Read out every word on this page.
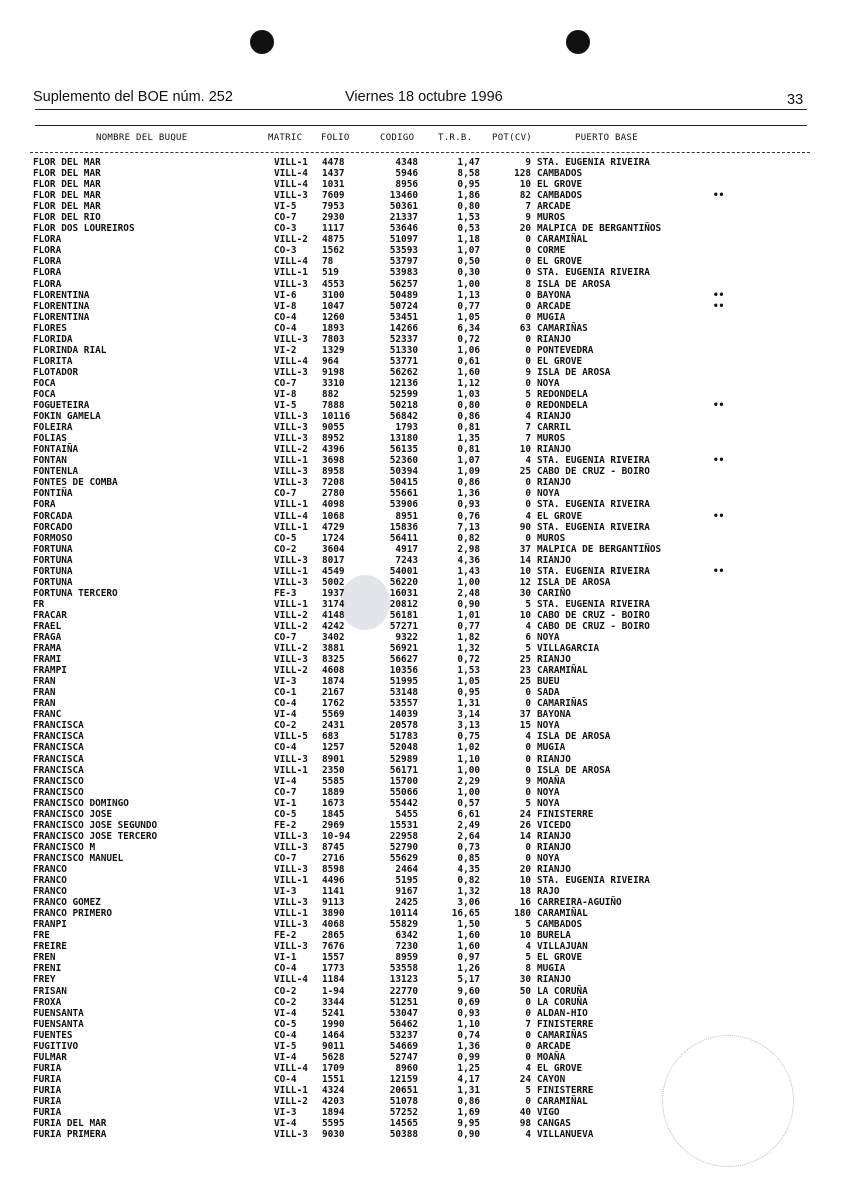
Suplemento del BOE núm. 252	Viernes 18 octubre 1996	33
NOMBRE DEL BUQUE	MATRIC FOLIO	CODIGO	T.R.B. POT(CV)	PUERTO BASE
FLOR DEL MAR	VILL-1 4478	4348	1,47	9 STA. EUGENIA RIVEIRA
FLOR DEL MAR	VILL-4 1437	5946	8,58	128 CAMBADOS
FLOR DEL MAR	VILL-4 1031	8956	0,95	10 EL GROVE
FLOR DEL MAR	VILL-3 7609	13460	1,86	82 CAMBADOS	••
FLOR DEL MAR	VI-5	7953	50361	0,80	7 ARCADE
FLOR DEL RIO	CO-7	2930	21337	1,53	9 MUROS
FLOR DOS LOUREIROS	CO-3	1117	53646	0,53	20 MALPICA DE BERGANTIÑOS
FLORA	VILL-2 4875	51097	1,18	0 CARAMIÑAL
FLORA	CO-3	1562	53593	1,07	0 CORME
FLORA	VILL-4 78	53797	0,50	0 EL GROVE
FLORA	VILL-1 519	53983	0,30	0 STA. EUGENIA RIVEIRA
FLORA	VILL-3 4553	56257	1,00	8 ISLA DE AROSA
FLORENTINA	VI-6	3100	50489	1,13	0 BAYONA	••
FLORENTINA	VI-8	1047	50724	0,77	0 ARCADE	••
FLORENTINA	CO-4	1260	53451	1,05	0 MUGIA
FLORES	CO-4	1893	14266	6,34	63 CAMARIÑAS
FLORIDA	VILL-3 7803	52337	0,72	0 RIANJO
FLORINDA RIAL	VI-2	1329	51330	1,06	0 PONTEVEDRA
FLORITA	VILL-4 964	53771	0,61	0 EL GROVE
FLOTADOR	VILL-3 9198	56262	1,60	9 ISLA DE AROSA
FOCA	CO-7	3310	12136	1,12	0 NOYA
FOCA	VI-8	882	52599	1,03	5 REDONDELA
FOGUETEIRA	VI-5	7888	50218	0,80	0 REDONDELA	••
FOKIN GAMELA	VILL-3 10116	56842	0,86	4 RIANJO
FOLEIRA	VILL-3 9055	1793	0,81	7 CARRIL
FOLIAS	VILL-3 8952	13180	1,35	7 MUROS
FONTAIÑA	VILL-2 4396	56135	0,81	10 RIANJO
FONTAN	VILL-1 3698	52360	1,07	4 STA. EUGENIA RIVEIRA	••
FONTENLA	VILL-3 8958	50394	1,09	25 CABO DE CRUZ - BOIRO
FONTES DE COMBA	VILL-3 7208	50415	0,86	0 RIANJO
FONTIÑA	CO-7	2780	55661	1,36	0 NOYA
FORA	VILL-1 4098	53906	0,93	0 STA. EUGENIA RIVEIRA
FORCADA	VILL-4 1068	8951	0,76	4 EL GROVE	••
FORCADO	VILL-1 4729	15836	7,13	90 STA. EUGENIA RIVEIRA
FORMOSO	CO-5	1724	56411	0,82	0 MUROS
FORTUNA	CO-2	3604	4917	2,98	37 MALPICA DE BERGANTIÑOS
FORTUNA	VILL-3 8017	7243	4,36	14 RIANJO
FORTUNA	VILL-1 4549	54001	1,43	10 STA. EUGENIA RIVEIRA	••
FORTUNA	VILL-3 5002	56220	1,00	12 ISLA DE AROSA
FORTUNA TERCERO	FE-3	1937	16031	2,48	30 CARIÑO
FR	VILL-1 3174	20812	0,90	5 STA. EUGENIA RIVEIRA
FRACAR	VILL-2 4148	56181	1,01	10 CABO DE CRUZ - BOIRO
FRAEL	VILL-2 4242	57271	0,77	4 CABO DE CRUZ - BOIRO
FRAGA	CO-7	3402	9322	1,82	6 NOYA
FRAMA	VILL-2 3881	56921	1,32	5 VILLAGARCIA
FRAMI	VILL-3 8325	56627	0,72	25 RIANJO
FRAMPI	VILL-2 4608	10356	1,53	23 CARAMIÑAL
FRAN	VI-3	1874	51995	1,05	25 BUEU
FRAN	CO-1	2167	53148	0,95	0 SADA
FRAN	CO-4	1762	53557	1,31	0 CAMARIÑAS
FRANC	VI-4	5569	14039	3,14	37 BAYONA
FRANCISCA	CO-2	2431	20578	3,13	15 NOYA
FRANCISCA	VILL-5 683	51783	0,75	4 ISLA DE AROSA
FRANCISCA	CO-4	1257	52048	1,02	0 MUGIA
FRANCISCA	VILL-3 8901	52989	1,10	0 RIANJO
FRANCISCA	VILL-1 2350	56171	1,00	0 ISLA DE AROSA
FRANCISCO	VI-4	5585	15700	2,29	9 MOAÑA
FRANCISCO	CO-7	1889	55066	1,00	0 NOYA
FRANCISCO DOMINGO	VI-1	1673	55442	0,57	5 NOYA
FRANCISCO JOSE	CO-5	1845	5455	6,61	24 FINISTERRE
FRANCISCO JOSE SEGUNDO	FE-2	2969	15531	2,49	26 VICEDO
FRANCISCO JOSE TERCERO	VILL-3 10-94	22958	2,64	14 RIANJO
FRANCISCO M	VILL-3 8745	52790	0,73	0 RIANJO
FRANCISCO MANUEL	CO-7	2716	55629	0,85	0 NOYA
FRANCO	VILL-3 8598	2464	4,35	20 RIANJO
FRANCO	VILL-1 4496	5195	0,82	10 STA. EUGENIA RIVEIRA
FRANCO	VI-3	1141	9167	1,32	18 RAJO
FRANCO GOMEZ	VILL-3 9113	2425	3,06	16 CARREIRA-AGUIÑO
FRANCO PRIMERO	VILL-1 3890	10114	16,65	180 CARAMIÑAL
FRANPI	VILL-3 4068	55829	1,50	5 CAMBADOS
FRE	FE-2	2865	6342	1,60	10 BURELA
FREIRE	VILL-3 7676	7230	1,60	4 VILLAJUAN
FREN	VI-1	1557	8959	0,97	5 EL GROVE
FRENI	CO-4	1773	53558	1,26	8 MUGIA
FREY	VILL-4 1184	13123	5,17	30 RIANJO
FRISAN	CO-2	1-94	22770	9,60	50 LA CORUÑA
FROXA	CO-2	3344	51251	0,69	0 LA CORUÑA
FUENSANTA	VI-4	5241	53047	0,93	0 ALDAN-HIO
FUENSANTA	CO-5	1990	56462	1,10	7 FINISTERRE
FUENTES	CO-4	1464	53237	0,74	0 CAMARIÑAS
FUGITIVO	VI-5	9011	54669	1,36	0 ARCADE
FULMAR	VI-4	5628	52747	0,99	0 MOAÑA
FURIA	VILL-4 1709	8960	1,25	4 EL GROVE
FURIA	CO-4	1551	12159	4,17	24 CAYON
FURIA	VILL-1 4324	20651	1,31	5 FINISTERRE
FURIA	VILL-2 4203	51078	0,86	0 CARAMIÑAL
FURIA	VI-3	1894	57252	1,69	40 VIGO
FURIA DEL MAR	VI-4	5595	14565	9,95	98 CANGAS
FURIA PRIMERA	VILL-3 9030	50388	0,90	4 VILLANUEVA
